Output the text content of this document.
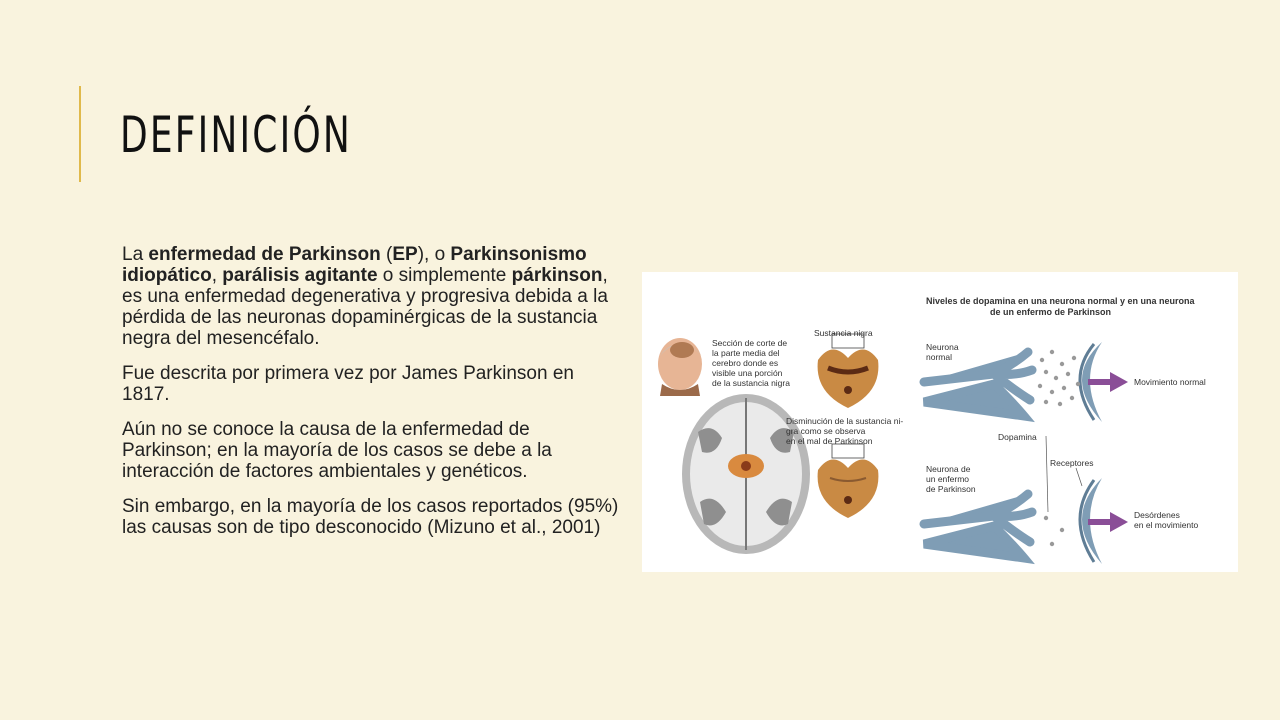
DEFINICIÓN

La enfermedad de Parkinson (EP), o Parkinsonismo idiopático, parálisis agitante o simplemente párkinson, es una enfermedad degenerativa y progresiva debida a la pérdida de las neuronas dopaminérgicas de la sustancia negra del mesencéfalo.

Fue descrita por primera vez por James Parkinson en 1817.

Aún no se conoce la causa de la enfermedad de Parkinson; en la mayoría de los casos se debe a la interacción de factores ambientales y genéticos.

Sin embargo, en la mayoría de los casos reportados (95%) las causas son de tipo desconocido (Mizuno et al., 2001)

Niveles de dopamina en una neurona normal y en una neurona
de un enfermo de Parkinson
Sección de corte de
la parte media del
cerebro donde es
visible una porción
de la sustancia nigra
Sustancia nigra
Disminución de la sustancia ni-
gra como se observa
en el mal de Parkinson
Neurona
normal
Neurona de
un enfermo
de Parkinson
Dopamina
Receptores
Movimiento normal
Desórdenes
en el movimiento
